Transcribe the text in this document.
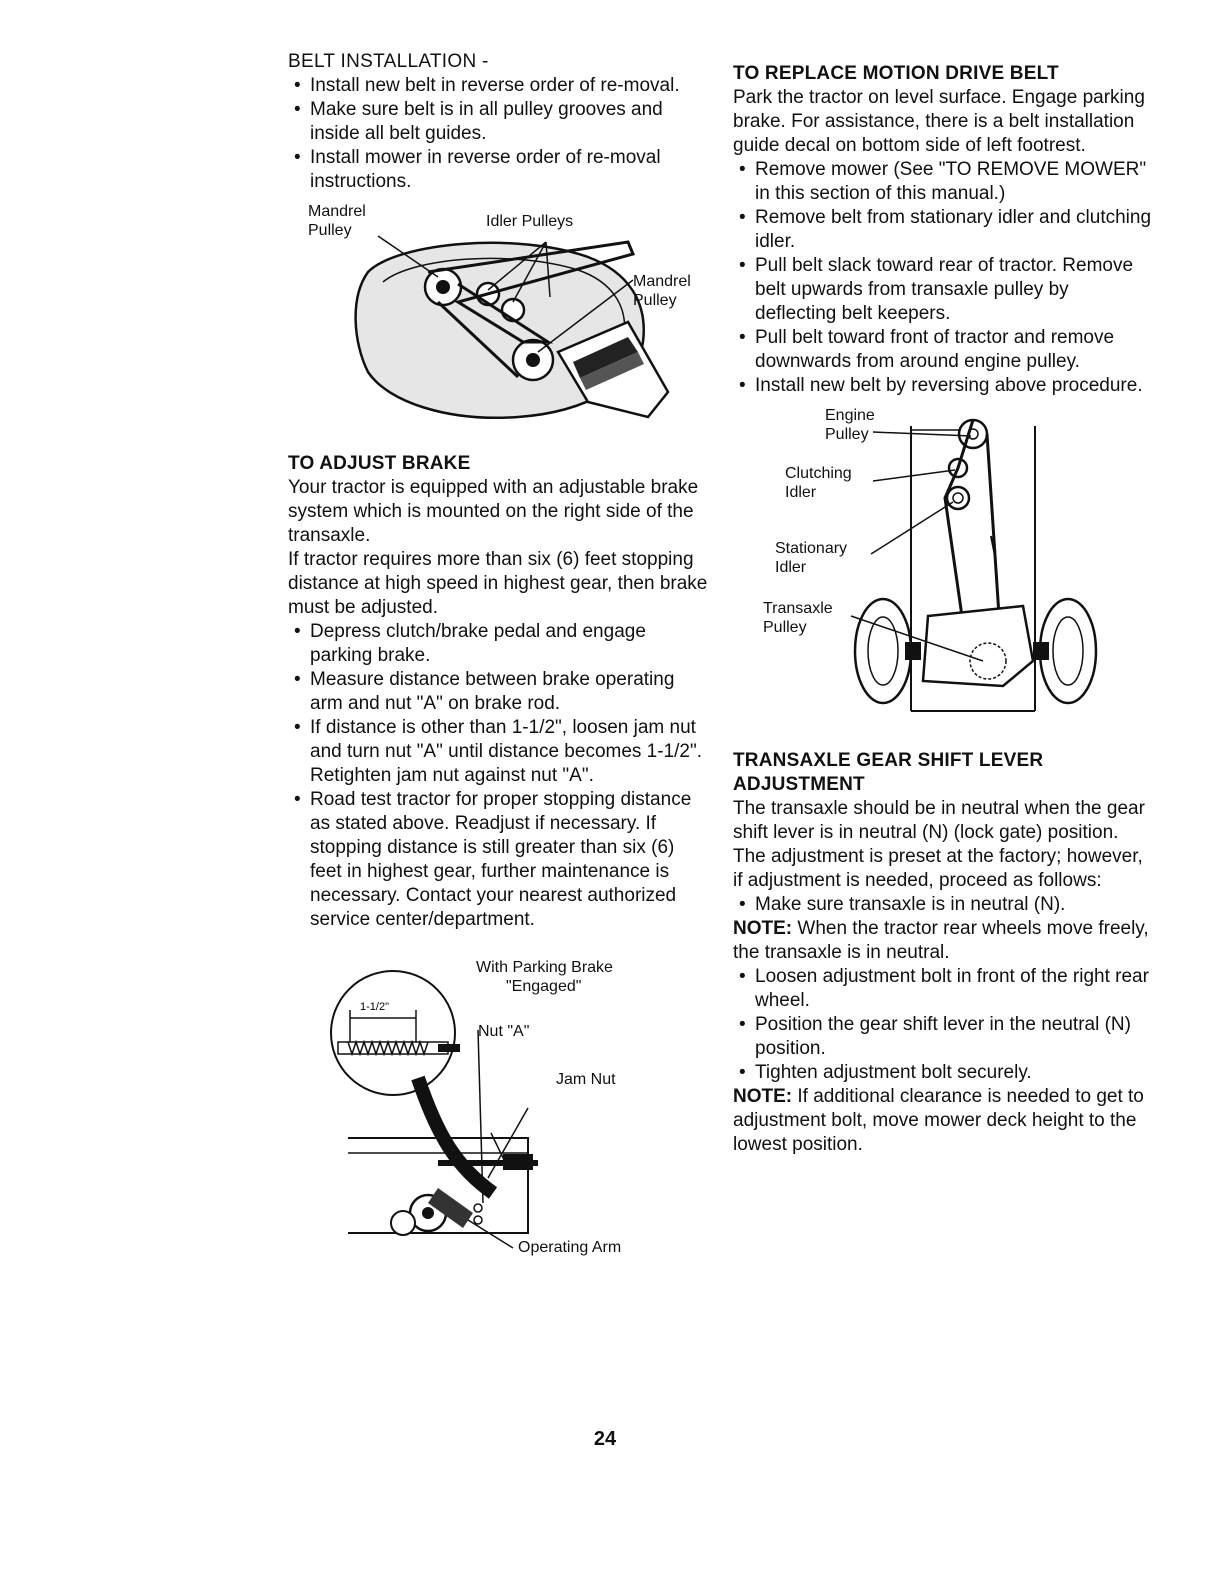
BELT INSTALLATION -
• Install new belt in reverse order of re-moval.
• Make sure belt is in all pulley grooves and inside all belt guides.
• Install mower in reverse order of re-moval instructions.
Mandrel
Pulley
Idler Pulleys
Mandrel
Pulley
TO ADJUST BRAKE

Your tractor is equipped with an adjustable brake system which is mounted on the right side of the transaxle.

If tractor requires more than six (6) feet stopping distance at high speed in highest gear, then brake must be adjusted.

• Depress clutch/brake pedal and engage parking brake.
• Measure distance between brake operating arm and nut "A" on brake rod.
• If distance is other than 1-1/2", loosen jam nut and turn nut "A" until distance becomes 1-1/2". Retighten jam nut against nut "A".
• Road test tractor for proper stopping distance as stated above. Readjust if necessary. If stopping distance is still greater than six (6) feet in highest gear, further maintenance is necessary. Contact your nearest authorized service center/department.
1-1/2"
With Parking Brake
"Engaged"
Nut "A"
Jam Nut
Operating Arm
TO REPLACE MOTION DRIVE BELT

Park the tractor on level surface. Engage parking brake. For assistance, there is a belt installation guide decal on bottom side of left footrest.

• Remove mower (See "TO REMOVE MOWER" in this section of this manual.)
• Remove belt from stationary idler and clutching idler.
• Pull belt slack toward rear of tractor. Remove belt upwards from transaxle pulley by deflecting belt keepers.
• Pull belt toward front of tractor and remove downwards from around engine pulley.
• Install new belt by reversing above procedure.
Engine
Pulley
Clutching
Idler
Stationary
Idler
Transaxle
Pulley
TRANSAXLE GEAR SHIFT LEVER
ADJUSTMENT

The transaxle should be in neutral when the gear shift lever is in neutral (N) (lock gate) position. The adjustment is preset at the factory; however, if adjustment is needed, proceed as follows:

• Make sure transaxle is in neutral (N).

NOTE: When the tractor rear wheels move freely, the transaxle is in neutral.

• Loosen adjustment bolt in front of the right rear wheel.
• Position the gear shift lever in the neutral (N) position.
• Tighten adjustment bolt securely.

NOTE: If additional clearance is needed to get to adjustment bolt, move mower deck height to the lowest position.

24
